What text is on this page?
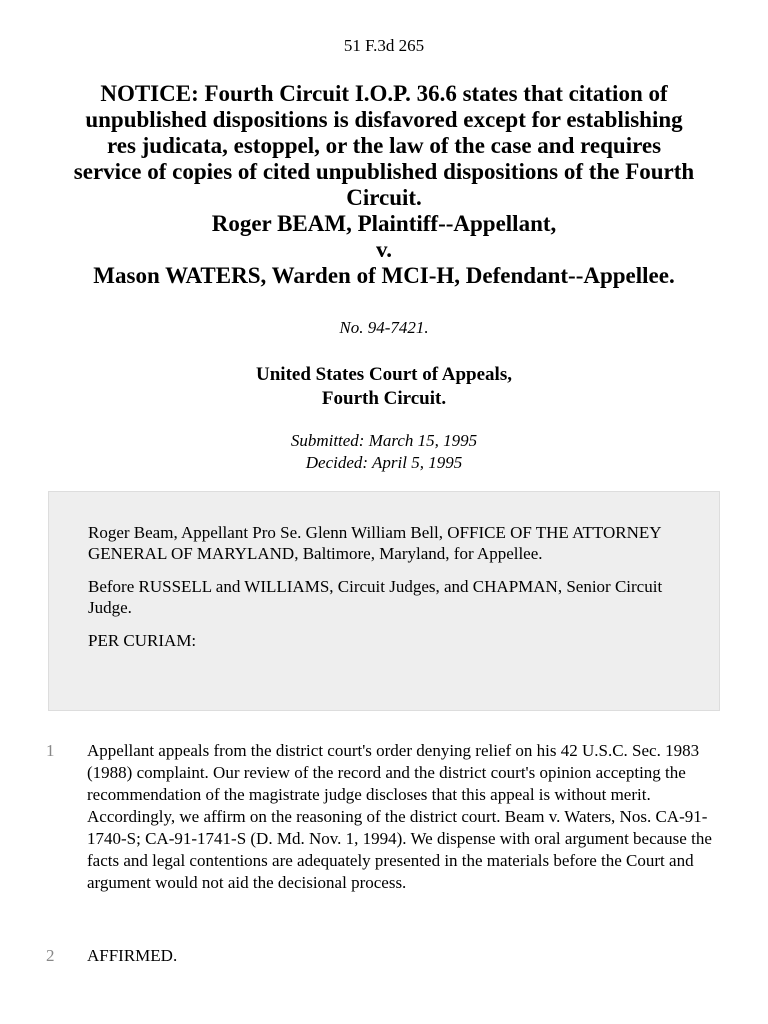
51 F.3d 265
NOTICE: Fourth Circuit I.O.P. 36.6 states that citation of
unpublished dispositions is disfavored except for establishing
res judicata, estoppel, or the law of the case and requires
service of copies of cited unpublished dispositions of the Fourth
Circuit.
Roger BEAM, Plaintiff--Appellant,
v.
Mason WATERS, Warden of MCI-H, Defendant--Appellee.
No. 94-7421.
United States Court of Appeals,
Fourth Circuit.
Submitted: March 15, 1995
Decided: April 5, 1995

Roger Beam, Appellant Pro Se. Glenn William Bell, OFFICE OF THE ATTORNEY GENERAL OF MARYLAND, Baltimore, Maryland, for Appellee.

Before RUSSELL and WILLIAMS, Circuit Judges, and CHAPMAN, Senior Circuit Judge.

PER CURIAM:

1 Appellant appeals from the district court's order denying relief on his 42 U.S.C. Sec. 1983 (1988) complaint. Our review of the record and the district court's opinion accepting the recommendation of the magistrate judge discloses that this appeal is without merit. Accordingly, we affirm on the reasoning of the district court. Beam v. Waters, Nos. CA-91-1740-S; CA-91-1741-S (D. Md. Nov. 1, 1994). We dispense with oral argument because the facts and legal contentions are adequately presented in the materials before the Court and argument would not aid the decisional process.
2 AFFIRMED.
